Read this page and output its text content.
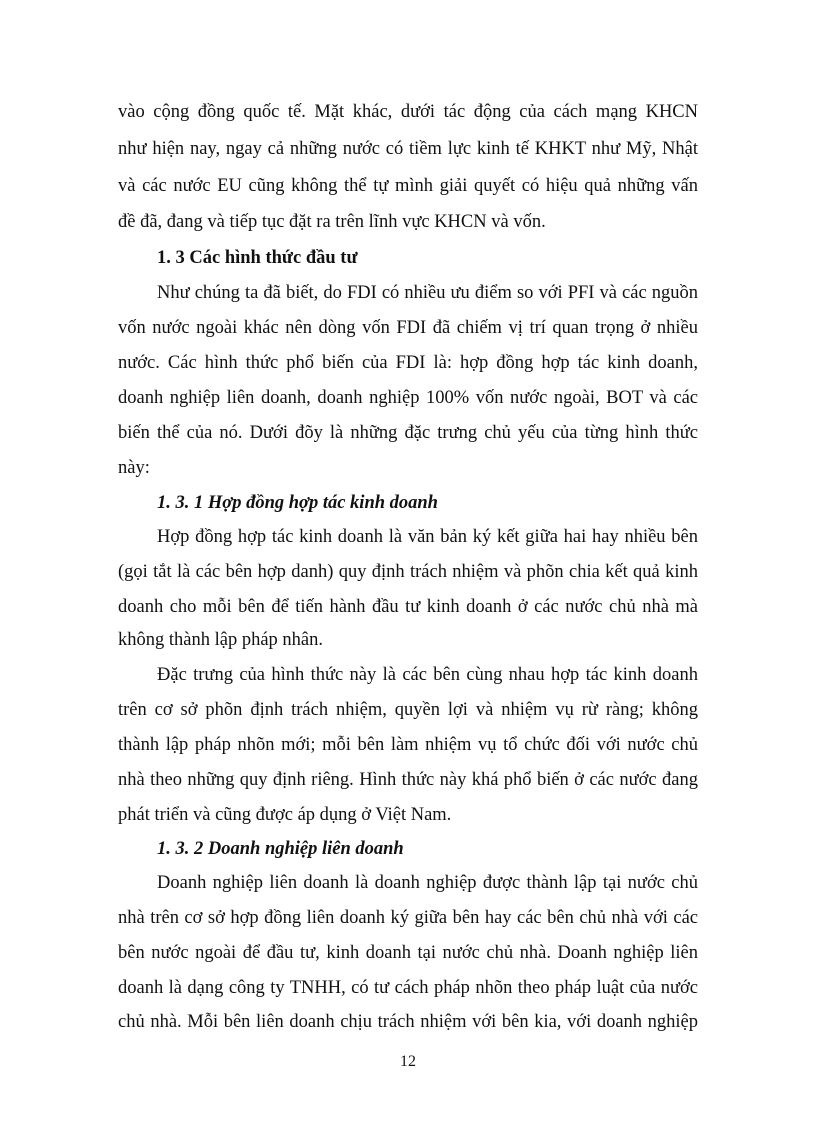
vào cộng đồng quốc tế. Mặt khác, dưới tác động của cách mạng KHCN
như hiện nay, ngay cả những nước có tiềm lực kinh tế KHKT như Mỹ, Nhật
và các nước EU cũng không thể tự mình giải quyết có hiệu quả những vấn
đề đã, đang và tiếp tục đặt ra trên lĩnh vực KHCN và vốn.
1. 3 Các hình thức đầu tư
Như chúng ta đã biết, do FDI có nhiều ưu điểm so với PFI và các nguồn
vốn nước ngoài khác nên dòng vốn FDI đã chiếm vị trí quan trọng ở nhiều
nước. Các hình thức phổ biến của FDI là: hợp đồng hợp tác kinh doanh,
doanh nghiệp liên doanh, doanh nghiệp 100% vốn nước ngoài, BOT và các
biến thể của nó. Dưới đõy là những đặc trưng chủ yếu của từng hình thức
này:
1. 3. 1 Hợp đồng hợp tác kinh doanh
Hợp đồng hợp tác kinh doanh là văn bản ký kết giữa hai hay nhiều bên
(gọi tắt là các bên hợp danh) quy định trách nhiệm và phõn chia kết quả kinh
doanh cho mỗi bên để tiến hành đầu tư kinh doanh ở các nước chủ nhà mà
không thành lập pháp nhân.
Đặc trưng của hình thức này là các bên cùng nhau hợp tác kinh doanh
trên cơ sở phõn định trách nhiệm, quyền lợi và nhiệm vụ rừ ràng; không
thành lập pháp nhõn mới; mỗi bên làm nhiệm vụ tổ chức đối với nước chủ
nhà theo những quy định riêng. Hình thức này khá phổ biến ở các nước đang
phát triển và cũng được áp dụng ở Việt Nam.
1. 3. 2 Doanh nghiệp liên doanh
Doanh nghiệp liên doanh là doanh nghiệp được thành lập tại nước chủ
nhà trên cơ sở hợp đồng liên doanh ký giữa bên hay các bên chủ nhà với các
bên nước ngoài để đầu tư, kinh doanh tại nước chủ nhà. Doanh nghiệp liên
doanh là dạng công ty TNHH, có tư cách pháp nhõn theo pháp luật của nước
chủ nhà. Mỗi bên liên doanh chịu trách nhiệm với bên kia, với doanh nghiệp
12
